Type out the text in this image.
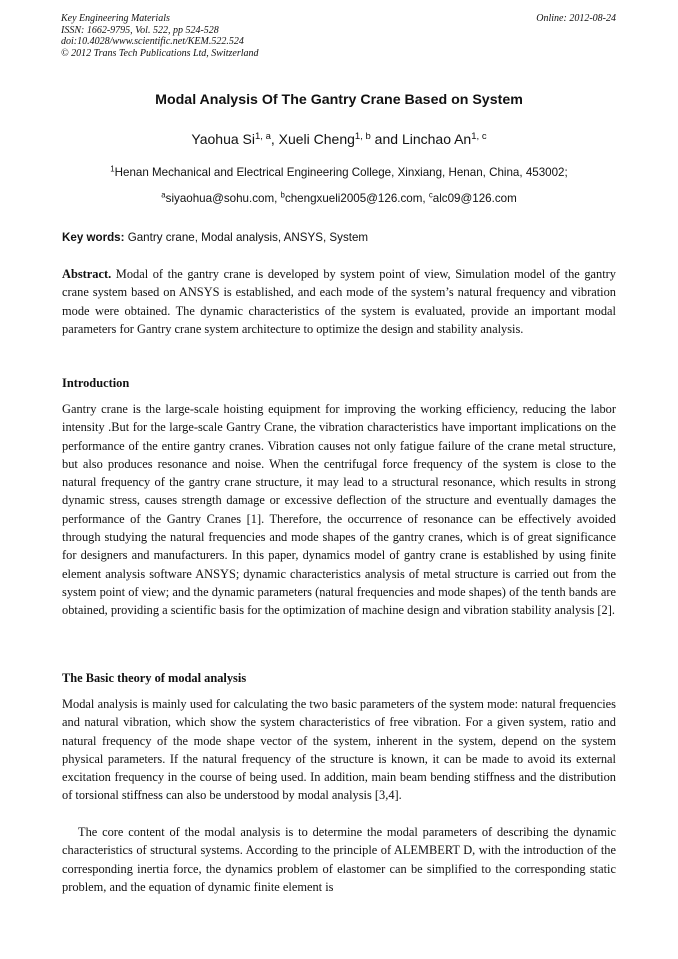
Key Engineering Materials
ISSN: 1662-9795, Vol. 522, pp 524-528
doi:10.4028/www.scientific.net/KEM.522.524
© 2012 Trans Tech Publications Ltd, Switzerland
Online: 2012-08-24
Modal Analysis Of The Gantry Crane Based on System
Yaohua Si$^{1, a}$, Xueli Cheng$^{1, b}$ and Linchao An$^{1, c}$
$^1$Henan Mechanical and Electrical Engineering College, Xinxiang, Henan, China, 453002;
$^a$siyaohua@sohu.com, $^b$chengxueli2005@126.com, $^c$alc09@126.com
Key words: Gantry crane, Modal analysis, ANSYS, System

Abstract. Modal of the gantry crane is developed by system point of view, Simulation model of the gantry crane system based on ANSYS is established, and each mode of the system’s natural frequency and vibration mode were obtained. The dynamic characteristics of the system is evaluated, provide an important modal parameters for Gantry crane system architecture to optimize the design and stability analysis.

Introduction

Gantry crane is the large-scale hoisting equipment for improving the working efficiency, reducing the labor intensity .But for the large-scale Gantry Crane, the vibration characteristics have important implications on the performance of the entire gantry cranes. Vibration causes not only fatigue failure of the crane metal structure, but also produces resonance and noise. When the centrifugal force frequency of the system is close to the natural frequency of the gantry crane structure, it may lead to a structural resonance, which results in strong dynamic stress, causes strength damage or excessive deflection of the structure and eventually damages the performance of the Gantry Cranes [1]. Therefore, the occurrence of resonance can be effectively avoided through studying the natural frequencies and mode shapes of the gantry cranes, which is of great significance for designers and manufacturers. In this paper, dynamics model of gantry crane is established by using finite element analysis software ANSYS; dynamic characteristics analysis of metal structure is carried out from the system point of view; and the dynamic parameters (natural frequencies and mode shapes) of the tenth bands are obtained, providing a scientific basis for the optimization of machine design and vibration stability analysis [2].

The Basic theory of modal analysis

Modal analysis is mainly used for calculating the two basic parameters of the system mode: natural frequencies and natural vibration, which show the system characteristics of free vibration. For a given system, ratio and natural frequency of the mode shape vector of the system, inherent in the system, depend on the system physical parameters. If the natural frequency of the structure is known, it can be made to avoid its external excitation frequency in the course of being used. In addition, main beam bending stiffness and the distribution of torsional stiffness can also be understood by modal analysis [3,4].

The core content of the modal analysis is to determine the modal parameters of describing the dynamic characteristics of structural systems. According to the principle of ALEMBERT D, with the introduction of the corresponding inertia force, the dynamics problem of elastomer can be simplified to the corresponding static problem, and the equation of dynamic finite element is
